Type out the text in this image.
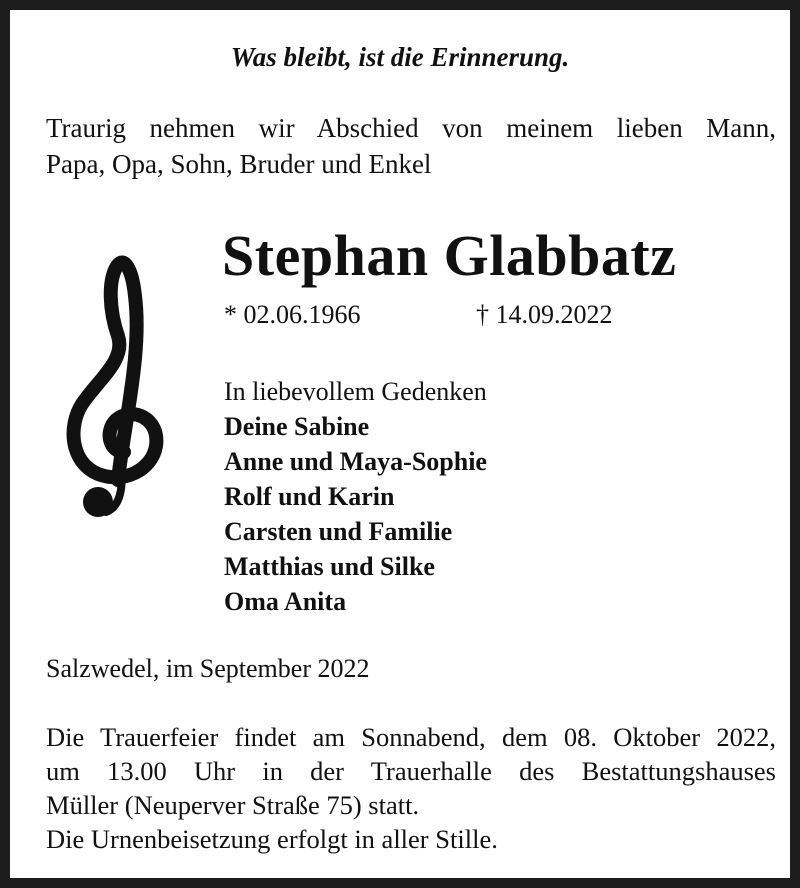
Was bleibt, ist die Erinnerung.

Traurig nehmen wir Abschied von meinem lieben Mann,
Papa, Opa, Sohn, Bruder und Enkel

Stephan Glabbatz

* 02.06.1966	† 14.09.2022

In liebevollem Gedenken

Deine Sabine
Anne und Maya-Sophie
Rolf und Karin
Carsten und Familie
Matthias und Silke
Oma Anita

Salzwedel, im September 2022

Die Trauerfeier findet am Sonnabend, dem 08. Oktober 2022,
um 13.00 Uhr in der Trauerhalle des Bestattungshauses
Müller (Neuperver Straße 75) statt.
Die Urnenbeisetzung erfolgt in aller Stille.
